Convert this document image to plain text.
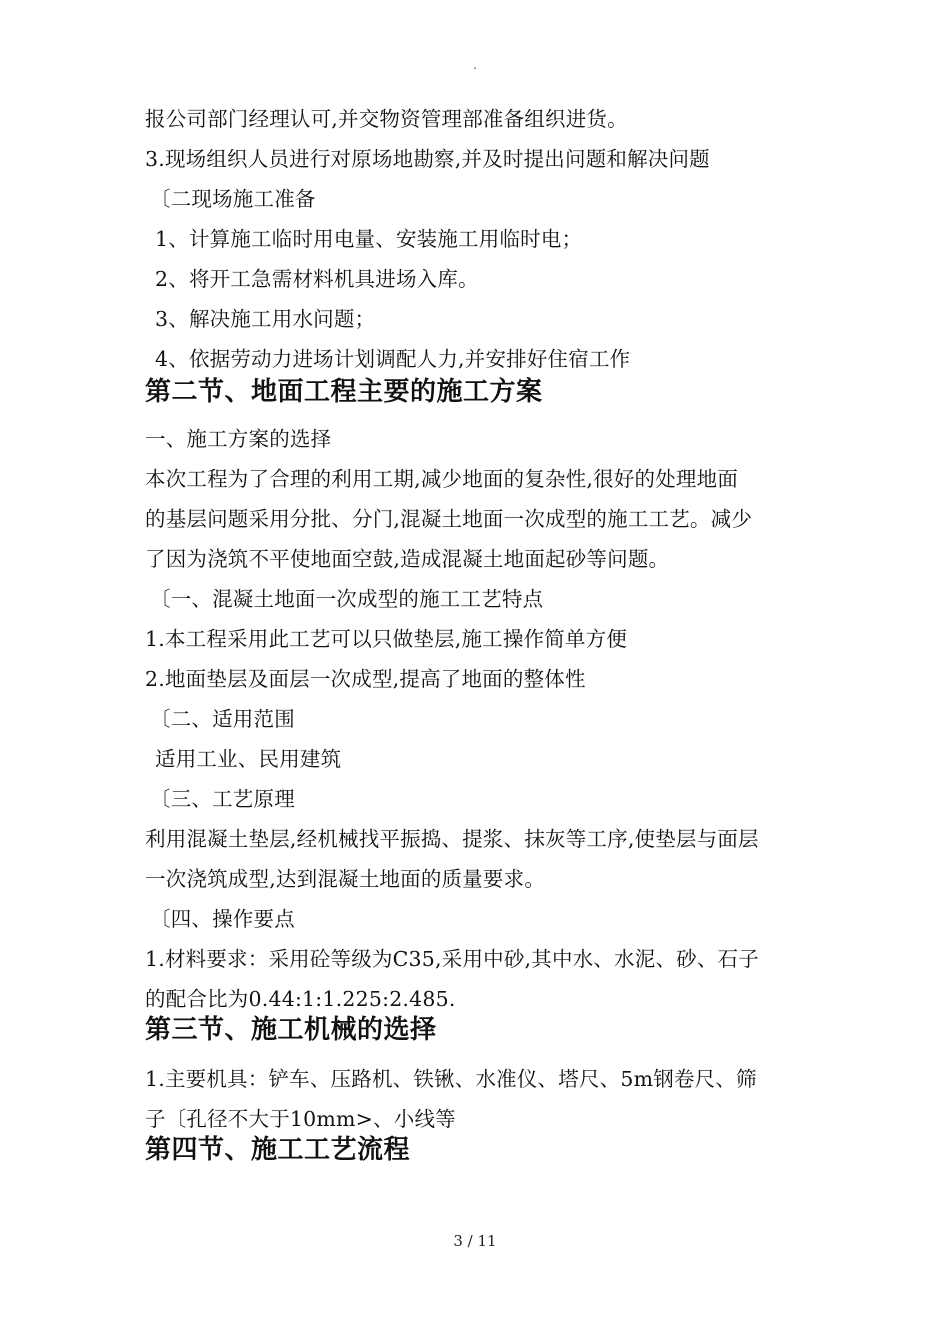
.
报公司部门经理认可,并交物资管理部准备组织进货。
3.现场组织人员进行对原场地勘察,并及时提出问题和解决问题
〔二现场施工准备
1、计算施工临时用电量、安装施工用临时电；
2、将开工急需材料机具进场入库。
3、解决施工用水问题；
4、依据劳动力进场计划调配人力,并安排好住宿工作
第二节、地面工程主要的施工方案
一、施工方案的选择
本次工程为了合理的利用工期,减少地面的复杂性,很好的处理地面
的基层问题采用分批、分门,混凝土地面一次成型的施工工艺。减少
了因为浇筑不平使地面空鼓,造成混凝土地面起砂等问题。
〔一、混凝土地面一次成型的施工工艺特点
1.本工程采用此工艺可以只做垫层,施工操作简单方便
2.地面垫层及面层一次成型,提高了地面的整体性
〔二、适用范围
适用工业、民用建筑
〔三、工艺原理
利用混凝土垫层,经机械找平振捣、提浆、抹灰等工序,使垫层与面层
一次浇筑成型,达到混凝土地面的质量要求。
〔四、操作要点
1.材料要求：采用砼等级为C35,采用中砂,其中水、水泥、砂、石子
的配合比为0.44:1:1.225:2.485.
第三节、施工机械的选择
1.主要机具：铲车、压路机、铁锹、水准仪、塔尺、5m钢卷尺、筛
子〔孔径不大于10mm>、小线等
第四节、施工工艺流程
3 / 11
